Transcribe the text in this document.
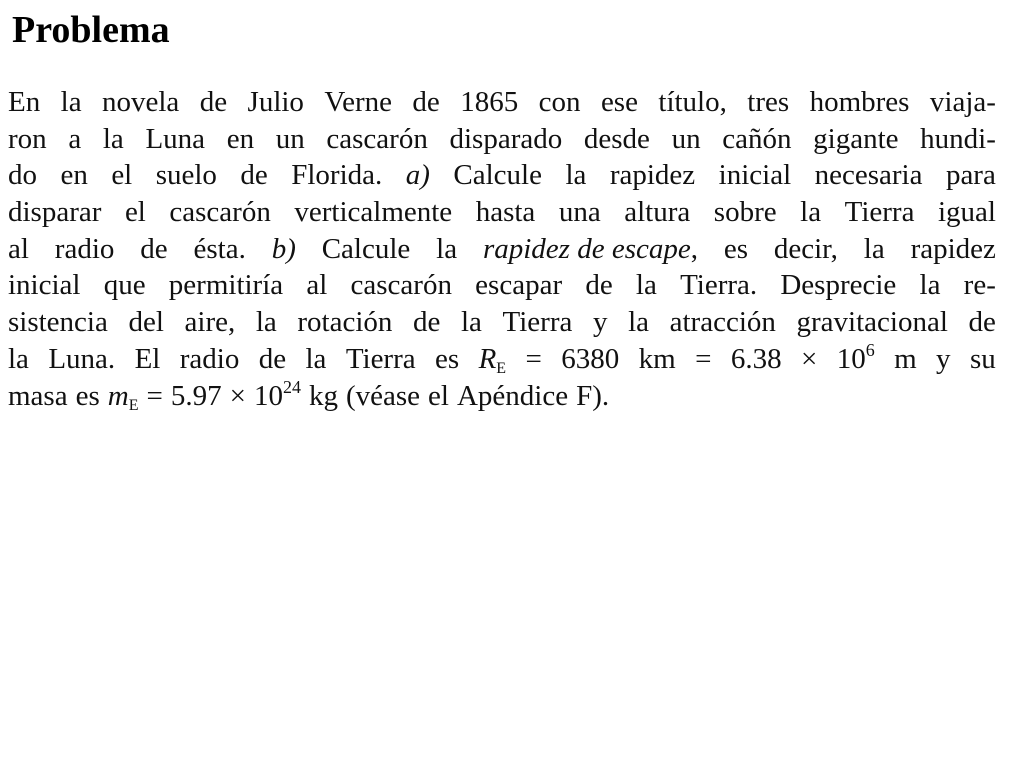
Problema
En la novela de Julio Verne de 1865 con ese título, tres hombres viaja-
ron a la Luna en un cascarón disparado desde un cañón gigante hundi-
do en el suelo de Florida. a) Calcule la rapidez inicial necesaria para
disparar el cascarón verticalmente hasta una altura sobre la Tierra igual
al radio de ésta. b) Calcule la rapidez de escape, es decir, la rapidez
inicial que permitiría al cascarón escapar de la Tierra. Desprecie la re-
sistencia del aire, la rotación de la Tierra y la atracción gravitacional de
la Luna. El radio de la Tierra es $R_E = 6380$ km = $6.38 \times 10^6$ m y su
masa es $m_E = 5.97 \times 10^{24}$ kg (véase el Apéndice F).
